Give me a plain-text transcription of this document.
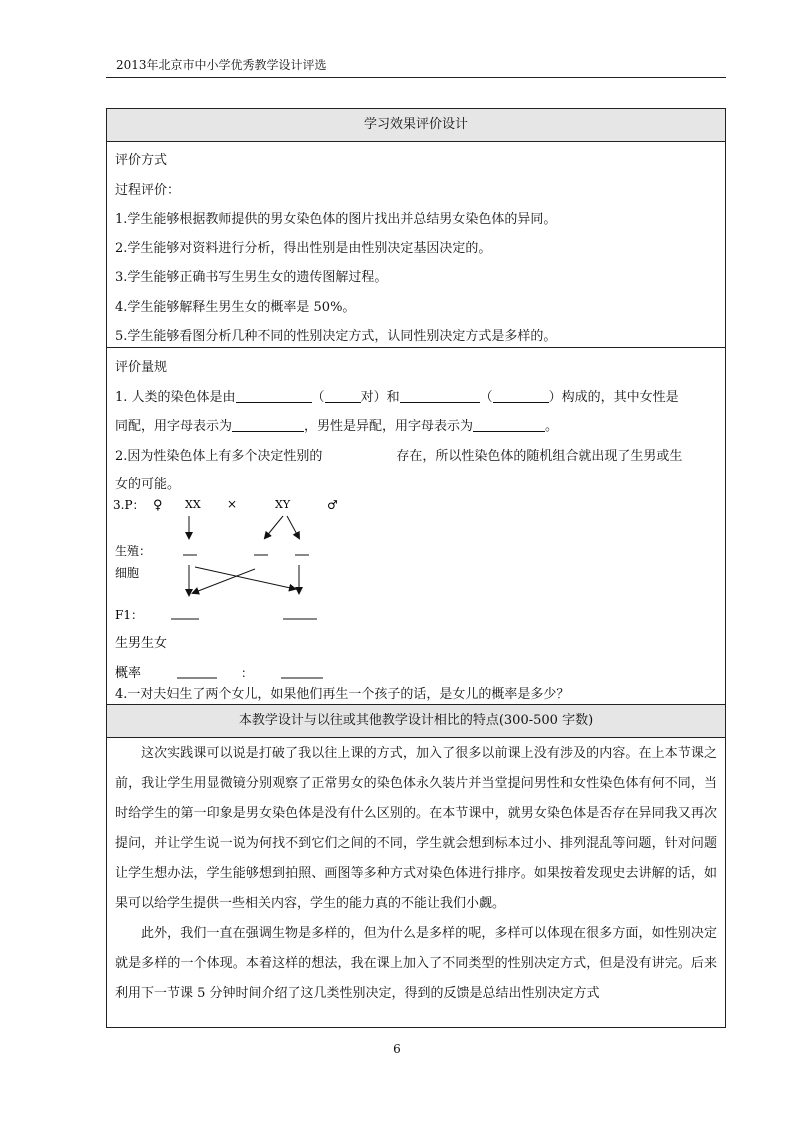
2013年北京市中小学优秀教学设计评选
学习效果评价设计
评价方式
过程评价：
1.学生能够根据教师提供的男女染色体的图片找出并总结男女染色体的异同。
2.学生能够对资料进行分析，得出性别是由性别决定基因决定的。
3.学生能够正确书写生男生女的遗传图解过程。
4.学生能够解释生男生女的概率是 50%。
5.学生能够看图分析几种不同的性别决定方式，认同性别决定方式是多样的。
评价量规
1. 人类的染色体是由	（	对）和	（	）构成的，其中女性是
同配，用字母表示为	，男性是异配，用字母表示为	。
2.因为性染色体上有多个决定性别的	存在，所以性染色体的随机组合就出现了生男或生
女的可能。
3.P： ♀ XX ×	XY	♂
生殖：
细胞
F1：
生男生女
概率	：
4.一对夫妇生了两个女儿，如果他们再生一个孩子的话，是女儿的概率是多少？
本教学设计与以往或其他教学设计相比的特点(300-500 字数)

这次实践课可以说是打破了我以往上课的方式，加入了很多以前课上没有涉及的内容。在上本节课之前，我让学生用显微镜分别观察了正常男女的染色体永久装片并当堂提问男性和女性染色体有何不同，当时给学生的第一印象是男女染色体是没有什么区别的。在本节课中，就男女染色体是否存在异同我又再次提问，并让学生说一说为何找不到它们之间的不同，学生就会想到标本过小、排列混乱等问题，针对问题让学生想办法，学生能够想到拍照、画图等多种方式对染色体进行排序。如果按着发现史去讲解的话，如果可以给学生提供一些相关内容，学生的能力真的不能让我们小觑。

此外，我们一直在强调生物是多样的，但为什么是多样的呢，多样可以体现在很多方面，如性别决定就是多样的一个体现。本着这样的想法，我在课上加入了不同类型的性别决定方式，但是没有讲完。后来利用下一节课 5 分钟时间介绍了这几类性别决定，得到的反馈是总结出性别决定方式

6
